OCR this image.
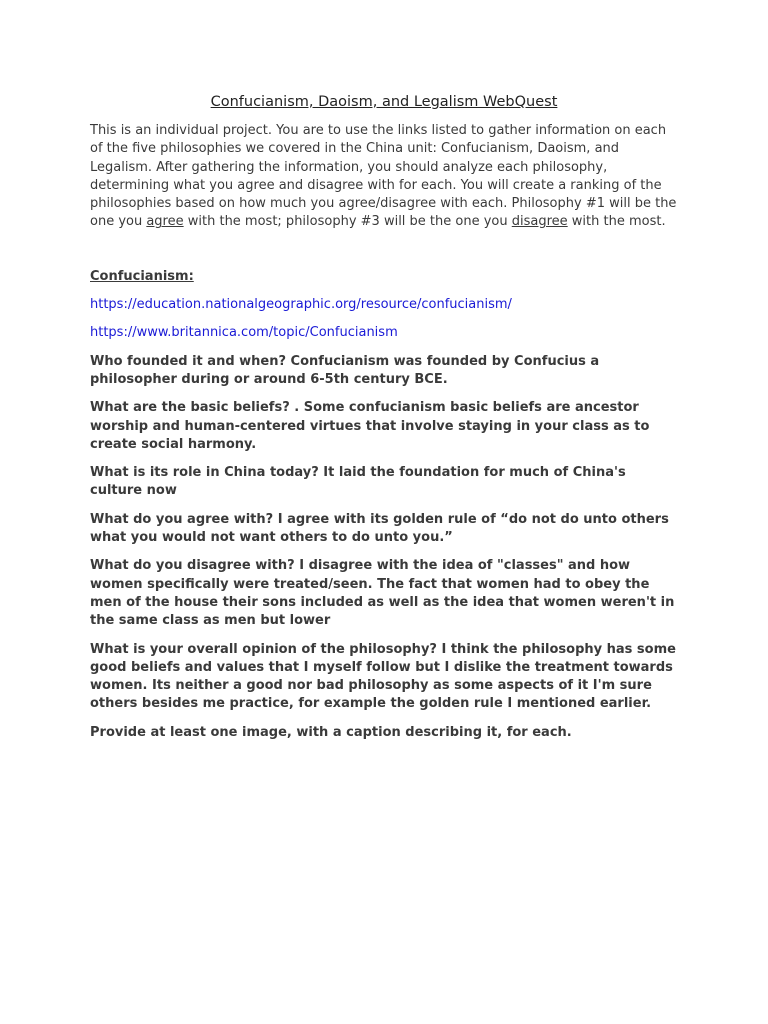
Confucianism, Daoism, and Legalism WebQuest

This is an individual project. You are to use the links listed to gather information on each of the five philosophies we covered in the China unit: Confucianism, Daoism, and Legalism. After gathering the information, you should analyze each philosophy, determining what you agree and disagree with for each. You will create a ranking of the philosophies based on how much you agree/disagree with each. Philosophy #1 will be the one you agree with the most; philosophy #3 will be the one you disagree with the most.

Confucianism:

https://education.nationalgeographic.org/resource/confucianism/
https://www.britannica.com/topic/Confucianism

Who founded it and when? Confucianism was founded by Confucius a philosopher during or around 6-5th century BCE.

What are the basic beliefs? . Some confucianism basic beliefs are ancestor worship and human-centered virtues that involve staying in your class as to create social harmony.

What is its role in China today? It laid the foundation for much of China's culture now

What do you agree with? I agree with its golden rule of “do not do unto others what you would not want others to do unto you.”

What do you disagree with? I disagree with the idea of "classes" and how women specifically were treated/seen. The fact that women had to obey the men of the house their sons included as well as the idea that women weren't in the same class as men but lower

What is your overall opinion of the philosophy? I think the philosophy has some good beliefs and values that I myself follow but I dislike the treatment towards women. Its neither a good nor bad philosophy as some aspects of it I'm sure others besides me practice, for example the golden rule I mentioned earlier.

Provide at least one image, with a caption describing it, for each.
